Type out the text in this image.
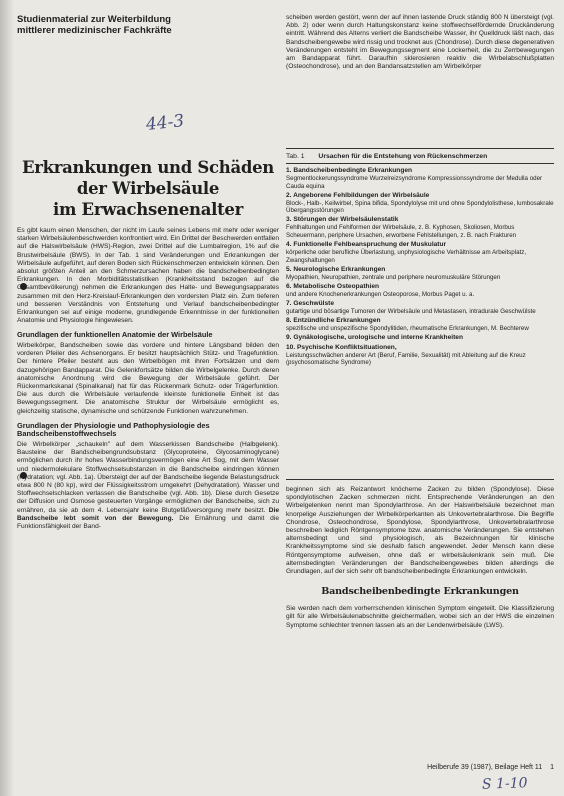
Studienmaterial zur Weiterbildung
mittlerer medizinischer Fachkräfte
44-3
Erkrankungen und Schäden
der Wirbelsäule
im Erwachsenenalter
Es gibt kaum einen Menschen, der nicht im Laufe seines Lebens mit mehr oder weniger starken Wirbelsäulenbeschwerden konfrontiert wird. Ein Drittel der Beschwerden entfallen auf die Halswirbelsäule (HWS)-Region, zwei Drittel auf die Lumbalregion, 1% auf die Brustwirbelsäule (BWS). In der Tab. 1 sind Veränderungen und Erkrankungen der Wirbelsäule aufgeführt, auf deren Boden sich Rückenschmerzen entwickeln können. Den absolut größten Anteil an den Schmerzursachen haben die bandscheibenbedingten Erkrankungen. In den Morbiditätsstatistiken (Krankheitsstand bezogen auf die Gesamtbevölkerung) nehmen die Erkrankungen des Halte- und Bewegungsapparates zusammen mit den Herz-Kreislauf-Erkrankungen den vordersten Platz ein. Zum tieferen und besseren Verständnis von Entstehung und Verlauf bandscheibenbedingter Erkrankungen sei auf einige moderne, grundlegende Erkenntnisse in der funktionellen Anatomie und Physiologie hingewiesen.
Grundlagen der funktionellen Anatomie der Wirbelsäule
Wirbelkörper, Bandscheiben sowie das vordere und hintere Längsband bilden den vorderen Pfeiler des Achsenorgans. Er besitzt hauptsächlich Stütz- und Tragefunktion. Der hintere Pfeiler besteht aus den Wirbelbögen mit ihren Fortsätzen und dem dazugehörigen Bandapparat. Die Gelenkfortsätze bilden die Wirbelgelenke. Durch deren anatomische Anordnung wird die Bewegung der Wirbelsäule geführt. Der Rückenmarkskanal (Spinalkanal) hat für das Rückenmark Schutz- oder Trägerfunktion. Die aus durch die Wirbelsäule verlaufende kleinste funktionelle Einheit ist das Bewegungssegment. Die anatomische Struktur der Wirbelsäule ermöglicht es, gleichzeitig statische, dynamische und schützende Funktionen wahrzunehmen.
Grundlagen der Physiologie und Pathophysiologie des Bandscheibenstoffwechsels
Die Wirbelkörper „schaukeln" auf dem Wasserkissen Bandscheibe (Halbgelenk). Bausteine der Bandscheibengrundsubstanz (Glycoproteine, Glycosaminoglycane) ermöglichen durch ihr hohes Wasserbindungsvermögen eine Art Sog, mit dem Wasser und niedermolekulare Stoffwechselsubstanzen in die Bandscheibe eindringen können (Hydratation; vgl. Abb. 1a). Übersteigt der auf der Bandscheibe liegende Belastungsdruck etwa 800 N (80 kp), wird der Flüssigkeitsstrom umgekehrt (Dehydratation). Wasser und Stoffwechselschlacken verlassen die Bandscheibe (vgl. Abb. 1b). Diese durch Gesetze der Diffusion und Osmose gesteuerten Vorgänge ermöglichen der Bandscheibe, sich zu ernähren, da sie ab dem 4. Lebensjahr keine Blutgefäßversorgung mehr besitzt. Die Bandscheibe lebt somit von der Bewegung. Die Ernährung und damit die Funktionsfähigkeit der Band-
scheiben werden gestört, wenn der auf ihnen lastende Druck ständig 800 N übersteigt (vgl. Abb. 2) oder wenn durch Haltungskonstanz keine stoffwechselfördernde Druckänderung eintritt. Während des Alterns verliert die Bandscheibe Wasser, ihr Quelldruck läßt nach, das Bandscheibengewebe wird rissig und trocknet aus (Chondrose). Durch diese degenerativen Veränderungen entsteht im Bewegungssegment eine Lockerheit, die zu Zerrbewegungen am Bandapparat führt. Daraufhin sklerosieren reaktiv die Wirbelabschlußplatten (Osteochondrose), und an den Bandansatzstellen am Wirbelkörper
Tab. 1 Ursachen für die Entstehung von Rückenschmerzen
1. Bandscheibenbedingte Erkrankungen
Segmentlockerungssyndrome Wurzelreizsyndrome Kompressionssyndrome der Medulla oder Cauda equina
2. Angeborene Fehlbildungen der Wirbelsäule
Block-, Halb-, Keilwirbel, Spina bifida, Spondylolyse mit und ohne Spondylolisthese, lumbosakrale Übergangsstörungen
3. Störungen der Wirbelsäulenstatik
Fehlhaltungen und Fehlformen der Wirbelsäule, z. B. Kyphosen, Skoliosen, Morbus Scheuermann, periphere Ursachen, erworbene Fehlstellungen, z. B. nach Frakturen
4. Funktionelle Fehlbeanspruchung der Muskulatur
körperliche oder berufliche Überlastung, unphysiologische Verhältnisse am Arbeitsplatz, Zwangshaltungen
5. Neurologische Erkrankungen
Myopathien, Neuropathien, zentrale und periphere neuromuskuläre Störungen
6. Metabolische Osteopathien
und andere Knochenerkrankungen Osteoporose, Morbus Paget u. a.
7. Geschwülste
gutartige und bösartige Tumoren der Wirbelsäule und Metastasen, intradurale Geschwülste
8. Entzündliche Erkrankungen
spezifische und unspezifische Spondylitiden, rheumatische Erkrankungen, M. Bechterew
9. Gynäkologische, urologische und interne Krankheiten
10. Psychische Konfliktsituationen,
Leistungsschwächen anderer Art (Beruf, Familie, Sexualität) mit Ableitung auf die Kreuz (psychosomatische Syndrome)
beginnen sich als Reizantwort knöcherne Zacken zu bilden (Spondylose). Diese spondylotischen Zacken schmerzen nicht. Entsprechende Veränderungen an den Wirbelgelenken nennt man Spondylarthrose. An der Halswirbelsäule bezeichnet man knorpelige Ausziehungen der Wirbelkörperkanten als Unkovertebralarthrose. Die Begriffe Chondrose, Osteochondrose, Spondylose, Spondylarthrose, Unkovertebralarthrose beschreiben lediglich Röntgensymptome bzw. anatomische Veränderungen. Sie entstehen alternsbedingt und sind physiologisch, als Bezeichnungen für klinische Krankheitssymptome sind sie deshalb falsch angewendet. Jeder Mensch kann diese Röntgensymptome aufweisen, ohne daß er wirbelsäulenkrank sein muß. Die alternsbedingten Veränderungen der Bandscheibengewebes bilden allerdings die Grundlagen, auf der sich sehr oft bandscheibenbedingte Erkrankungen entwickeln.
Bandscheibenbedingte Erkrankungen
Sie werden nach dem vorherrschenden klinischen Symptom eingeteilt. Die Klassifizierung gilt für alle Wirbelsäulenabschnitte gleichermaßen, wobei sich an der HWS die einzelnen Symptome schlechter trennen lassen als an der Lendenwirbelsäule (LWS).
Heilberufe 39 (1987), Beilage Heft 11 1
S 1-10
